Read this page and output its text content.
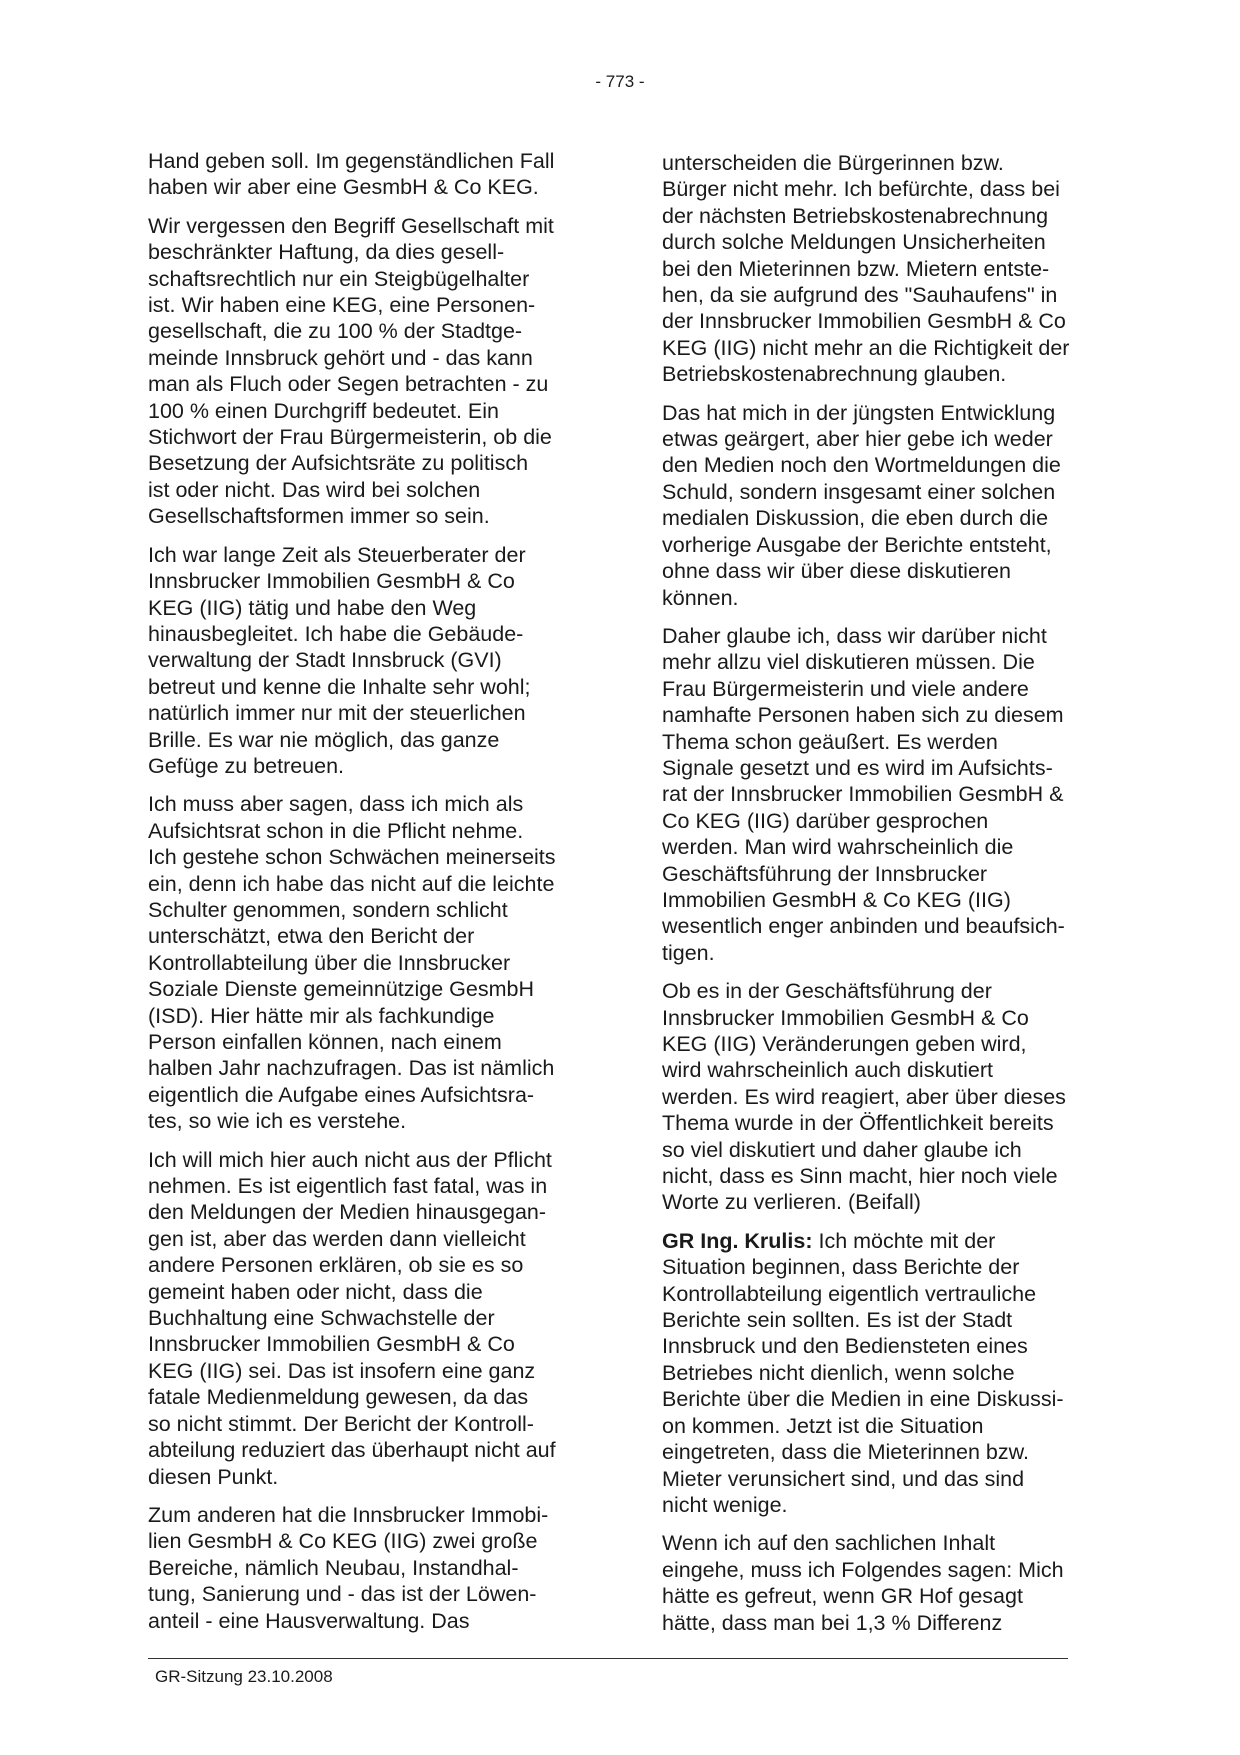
- 773 -

Hand geben soll. Im gegenständlichen Fall
haben wir aber eine GesmbH & Co KEG.

Wir vergessen den Begriff Gesellschaft mit
beschränkter Haftung, da dies gesell-
schaftsrechtlich nur ein Steigbügelhalter
ist. Wir haben eine KEG, eine Personen-
gesellschaft, die zu 100 % der Stadtge-
meinde Innsbruck gehört und - das kann
man als Fluch oder Segen betrachten - zu
100 % einen Durchgriff bedeutet. Ein
Stichwort der Frau Bürgermeisterin, ob die
Besetzung der Aufsichtsräte zu politisch
ist oder nicht. Das wird bei solchen
Gesellschaftsformen immer so sein.

Ich war lange Zeit als Steuerberater der
Innsbrucker Immobilien GesmbH & Co
KEG (IIG) tätig und habe den Weg
hinausbegleitet. Ich habe die Gebäude-
verwaltung der Stadt Innsbruck (GVI)
betreut und kenne die Inhalte sehr wohl;
natürlich immer nur mit der steuerlichen
Brille. Es war nie möglich, das ganze
Gefüge zu betreuen.

Ich muss aber sagen, dass ich mich als
Aufsichtsrat schon in die Pflicht nehme.
Ich gestehe schon Schwächen meinerseits
ein, denn ich habe das nicht auf die leichte
Schulter genommen, sondern schlicht
unterschätzt, etwa den Bericht der
Kontrollabteilung über die Innsbrucker
Soziale Dienste gemeinnützige GesmbH
(ISD). Hier hätte mir als fachkundige
Person einfallen können, nach einem
halben Jahr nachzufragen. Das ist nämlich
eigentlich die Aufgabe eines Aufsichtsra-
tes, so wie ich es verstehe.

Ich will mich hier auch nicht aus der Pflicht
nehmen. Es ist eigentlich fast fatal, was in
den Meldungen der Medien hinausgegan-
gen ist, aber das werden dann vielleicht
andere Personen erklären, ob sie es so
gemeint haben oder nicht, dass die
Buchhaltung eine Schwachstelle der
Innsbrucker Immobilien GesmbH & Co
KEG (IIG) sei. Das ist insofern eine ganz
fatale Medienmeldung gewesen, da das
so nicht stimmt. Der Bericht der Kontroll-
abteilung reduziert das überhaupt nicht auf
diesen Punkt.

Zum anderen hat die Innsbrucker Immobi-
lien GesmbH & Co KEG (IIG) zwei große
Bereiche, nämlich Neubau, Instandhal-
tung, Sanierung und - das ist der Löwen-
anteil - eine Hausverwaltung. Das

unterscheiden die Bürgerinnen bzw.
Bürger nicht mehr. Ich befürchte, dass bei
der nächsten Betriebskostenabrechnung
durch solche Meldungen Unsicherheiten
bei den Mieterinnen bzw. Mietern entste-
hen, da sie aufgrund des "Sauhaufens" in
der Innsbrucker Immobilien GesmbH & Co
KEG (IIG) nicht mehr an die Richtigkeit der
Betriebskostenabrechnung glauben.

Das hat mich in der jüngsten Entwicklung
etwas geärgert, aber hier gebe ich weder
den Medien noch den Wortmeldungen die
Schuld, sondern insgesamt einer solchen
medialen Diskussion, die eben durch die
vorherige Ausgabe der Berichte entsteht,
ohne dass wir über diese diskutieren
können.

Daher glaube ich, dass wir darüber nicht
mehr allzu viel diskutieren müssen. Die
Frau Bürgermeisterin und viele andere
namhafte Personen haben sich zu diesem
Thema schon geäußert. Es werden
Signale gesetzt und es wird im Aufsichts-
rat der Innsbrucker Immobilien GesmbH &
Co KEG (IIG) darüber gesprochen
werden. Man wird wahrscheinlich die
Geschäftsführung der Innsbrucker
Immobilien GesmbH & Co KEG (IIG)
wesentlich enger anbinden und beaufsich-
tigen.

Ob es in der Geschäftsführung der
Innsbrucker Immobilien GesmbH & Co
KEG (IIG) Veränderungen geben wird,
wird wahrscheinlich auch diskutiert
werden. Es wird reagiert, aber über dieses
Thema wurde in der Öffentlichkeit bereits
so viel diskutiert und daher glaube ich
nicht, dass es Sinn macht, hier noch viele
Worte zu verlieren. (Beifall)

GR Ing. Krulis: Ich möchte mit der
Situation beginnen, dass Berichte der
Kontrollabteilung eigentlich vertrauliche
Berichte sein sollten. Es ist der Stadt
Innsbruck und den Bediensteten eines
Betriebes nicht dienlich, wenn solche
Berichte über die Medien in eine Diskussi-
on kommen. Jetzt ist die Situation
eingetreten, dass die Mieterinnen bzw.
Mieter verunsichert sind, und das sind
nicht wenige.

Wenn ich auf den sachlichen Inhalt
eingehe, muss ich Folgendes sagen: Mich
hätte es gefreut, wenn GR Hof gesagt
hätte, dass man bei 1,3 % Differenz

GR-Sitzung 23.10.2008
